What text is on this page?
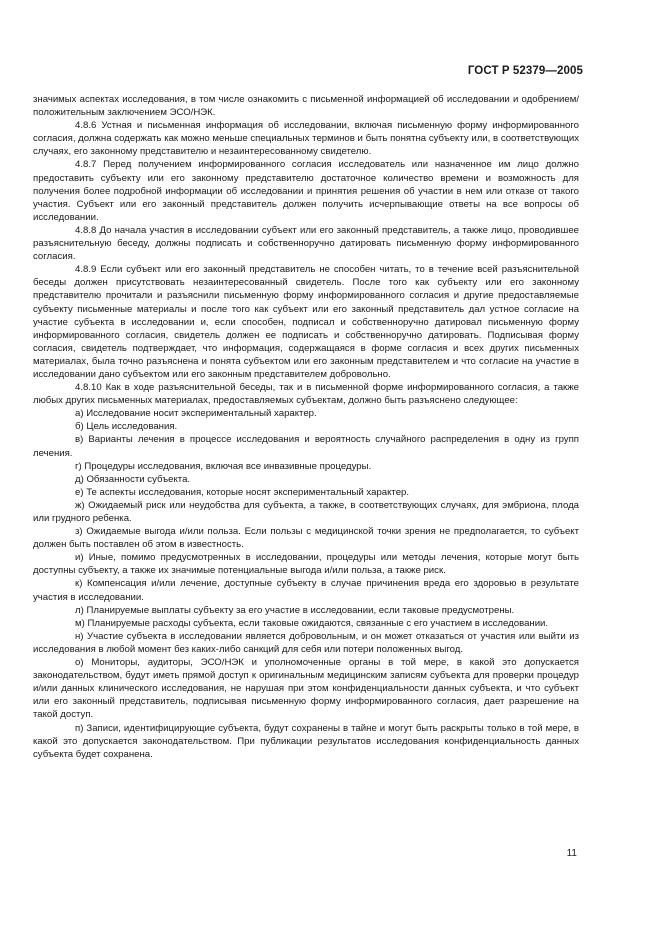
ГОСТ Р 52379—2005

значимых аспектах исследования, в том числе ознакомить с письменной информацией об исследовании и одобрением/положительным заключением ЭСО/НЭК.

4.8.6 Устная и письменная информация об исследовании, включая письменную форму информированного согласия, должна содержать как можно меньше специальных терминов и быть понятна субъекту или, в соответствующих случаях, его законному представителю и незаинтересованному свидетелю.

4.8.7 Перед получением информированного согласия исследователь или назначенное им лицо должно предоставить субъекту или его законному представителю достаточное количество времени и возможность для получения более подробной информации об исследовании и принятия решения об участии в нем или отказе от такого участия. Субъект или его законный представитель должен получить исчерпывающие ответы на все вопросы об исследовании.

4.8.8 До начала участия в исследовании субъект или его законный представитель, а также лицо, проводившее разъяснительную беседу, должны подписать и собственноручно датировать письменную форму информированного согласия.

4.8.9 Если субъект или его законный представитель не способен читать, то в течение всей разъяснительной беседы должен присутствовать незаинтересованный свидетель. После того как субъекту или его законному представителю прочитали и разъяснили письменную форму информированного согласия и другие предоставляемые субъекту письменные материалы и после того как субъект или его законный представитель дал устное согласие на участие субъекта в исследовании и, если способен, подписал и собственноручно датировал письменную форму информированного согласия, свидетель должен ее подписать и собственноручно датировать. Подписывая форму согласия, свидетель подтверждает, что информация, содержащаяся в форме согласия и всех других письменных материалах, была точно разъяснена и понята субъектом или его законным представителем и что согласие на участие в исследовании дано субъектом или его законным представителем добровольно.

4.8.10 Как в ходе разъяснительной беседы, так и в письменной форме информированного согласия, а также любых других письменных материалах, предоставляемых субъектам, должно быть разъяснено следующее:

а) Исследование носит экспериментальный характер.

б) Цель исследования.

в) Варианты лечения в процессе исследования и вероятность случайного распределения в одну из групп лечения.

г) Процедуры исследования, включая все инвазивные процедуры.

д) Обязанности субъекта.

е) Те аспекты исследования, которые носят экспериментальный характер.

ж) Ожидаемый риск или неудобства для субъекта, а также, в соответствующих случаях, для эмбриона, плода или грудного ребенка.

з) Ожидаемые выгода и/или польза. Если пользы с медицинской точки зрения не предполагается, то субъект должен быть поставлен об этом в известность.

и) Иные, помимо предусмотренных в исследовании, процедуры или методы лечения, которые могут быть доступны субъекту, а также их значимые потенциальные выгода и/или польза, а также риск.

к) Компенсация и/или лечение, доступные субъекту в случае причинения вреда его здоровью в результате участия в исследовании.

л) Планируемые выплаты субъекту за его участие в исследовании, если таковые предусмотрены.

м) Планируемые расходы субъекта, если таковые ожидаются, связанные с его участием в исследовании.

н) Участие субъекта в исследовании является добровольным, и он может отказаться от участия или выйти из исследования в любой момент без каких-либо санкций для себя или потери положенных выгод.

о) Мониторы, аудиторы, ЭСО/НЭК и уполномоченные органы в той мере, в какой это допускается законодательством, будут иметь прямой доступ к оригинальным медицинским записям субъекта для проверки процедур и/или данных клинического исследования, не нарушая при этом конфиденциальности данных субъекта, и что субъект или его законный представитель, подписывая письменную форму информированного согласия, дает разрешение на такой доступ.

п) Записи, идентифицирующие субъекта, будут сохранены в тайне и могут быть раскрыты только в той мере, в какой это допускается законодательством. При публикации результатов исследования конфиденциальность данных субъекта будет сохранена.

11
